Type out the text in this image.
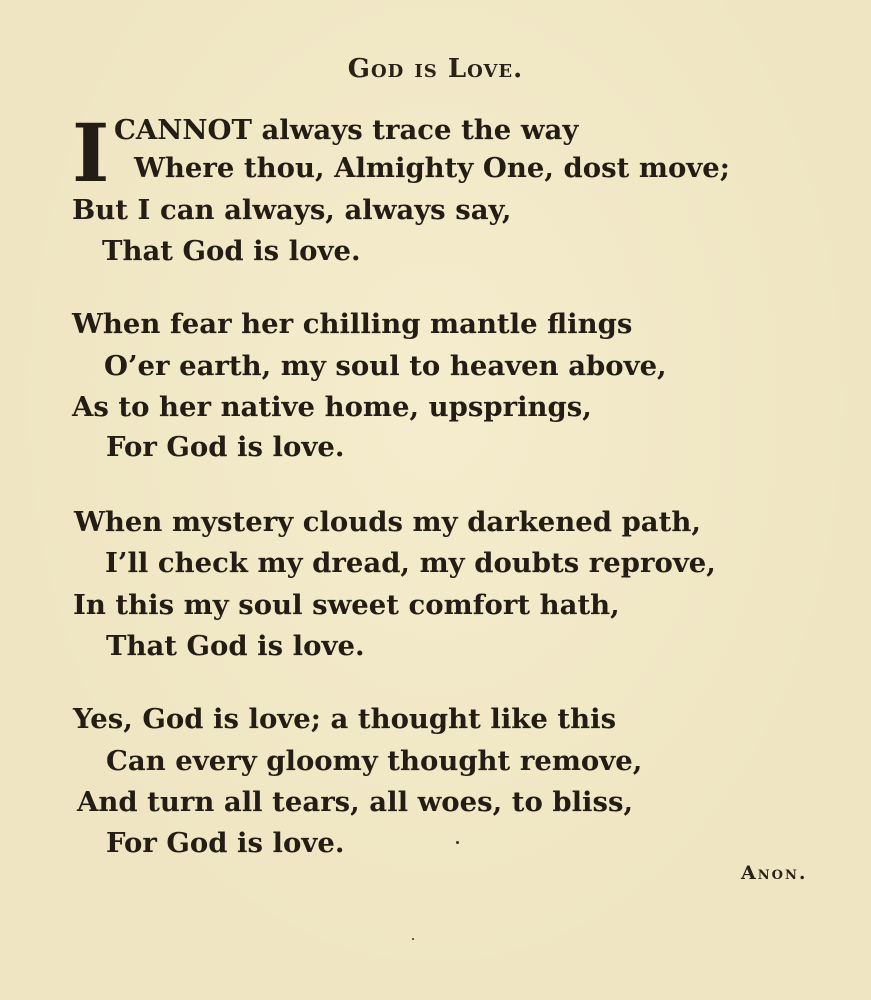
God is Love.
I CANNOT always trace the way
Where thou, Almighty One, dost move;
But I can always, always say,
That God is love.
When fear her chilling mantle flings
O’er earth, my soul to heaven above,
As to her native home, upsprings,
For God is love.
When mystery clouds my darkened path,
I’ll check my dread, my doubts reprove,
In this my soul sweet comfort hath,
That God is love.
Yes, God is love; a thought like this
Can every gloomy thought remove,
And turn all tears, all woes, to bliss,
For God is love.
Anon.
